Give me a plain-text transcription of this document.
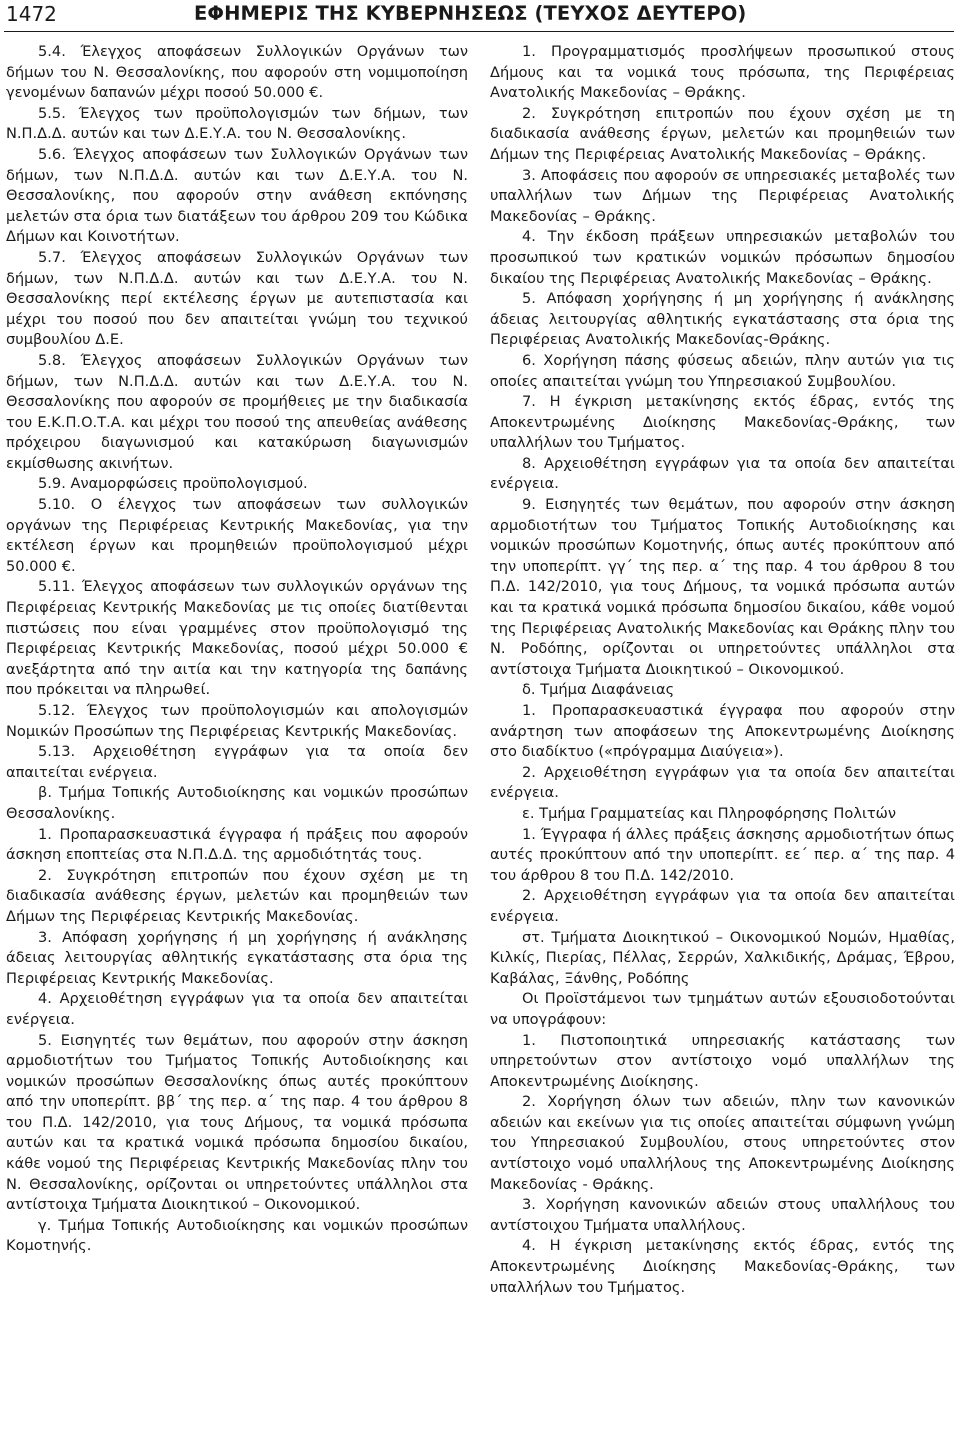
1472	ΕΦΗΜΕΡΙΣ ΤΗΣ ΚΥΒΕΡΝΗΣΕΩΣ (ΤΕΥΧΟΣ ΔΕΥΤΕΡΟ)

5.4. Έλεγχος αποφάσεων Συλλογικών Οργάνων των δήμων του Ν. Θεσσαλονίκης, που αφορούν στη νομιμοποίηση γενομένων δαπανών μέχρι ποσού 50.000 €.

5.5. Έλεγχος των προϋπολογισμών των δήμων, των Ν.Π.Δ.Δ. αυτών και των Δ.Ε.Υ.Α. του Ν. Θεσσαλονίκης.

5.6. Έλεγχος αποφάσεων των Συλλογικών Οργάνων των δήμων, των Ν.Π.Δ.Δ. αυτών και των Δ.Ε.Υ.Α. του Ν. Θεσσαλονίκης, που αφορούν στην ανάθεση εκπόνησης μελετών στα όρια των διατάξεων του άρθρου 209 του Κώδικα Δήμων και Κοινοτήτων.

5.7. Έλεγχος αποφάσεων Συλλογικών Οργάνων των δήμων, των Ν.Π.Δ.Δ. αυτών και των Δ.Ε.Υ.Α. του Ν. Θεσσαλονίκης περί εκτέλεσης έργων με αυτεπιστασία και μέχρι του ποσού που δεν απαιτείται γνώμη του τεχνικού συμβουλίου Δ.Ε.

5.8. Έλεγχος αποφάσεων Συλλογικών Οργάνων των δήμων, των Ν.Π.Δ.Δ. αυτών και των Δ.Ε.Υ.Α. του Ν. Θεσσαλονίκης που αφορούν σε προμήθειες με την διαδικασία του Ε.Κ.Π.Ο.Τ.Α. και μέχρι του ποσού της απευθείας ανάθεσης πρόχειρου διαγωνισμού και κατακύρωση διαγωνισμών εκμίσθωσης ακινήτων.

5.9. Αναμορφώσεις προϋπολογισμού.

5.10. Ο έλεγχος των αποφάσεων των συλλογικών οργάνων της Περιφέρειας Κεντρικής Μακεδονίας, για την εκτέλεση έργων και προμηθειών προϋπολογισμού μέχρι 50.000 €.

5.11. Έλεγχος αποφάσεων των συλλογικών οργάνων της Περιφέρειας Κεντρικής Μακεδονίας με τις οποίες διατίθενται πιστώσεις που είναι γραμμένες στον προϋπολογισμό της Περιφέρειας Κεντρικής Μακεδονίας, ποσού μέχρι 50.000 € ανεξάρτητα από την αιτία και την κατηγορία της δαπάνης που πρόκειται να πληρωθεί.

5.12. Έλεγχος των προϋπολογισμών και απολογισμών Νομικών Προσώπων της Περιφέρειας Κεντρικής Μακεδονίας.

5.13. Αρχειοθέτηση εγγράφων για τα οποία δεν απαιτείται ενέργεια.

β. Τμήμα Τοπικής Αυτοδιοίκησης και νομικών προσώπων Θεσσαλονίκης.

1. Προπαρασκευαστικά έγγραφα ή πράξεις που αφορούν άσκηση εποπτείας στα Ν.Π.Δ.Δ. της αρμοδιότητάς τους.

2. Συγκρότηση επιτροπών που έχουν σχέση με τη διαδικασία ανάθεσης έργων, μελετών και προμηθειών των Δήμων της Περιφέρειας Κεντρικής Μακεδονίας.

3. Απόφαση χορήγησης ή μη χορήγησης ή ανάκλησης άδειας λειτουργίας αθλητικής εγκατάστασης στα όρια της Περιφέρειας Κεντρικής Μακεδονίας.

4. Αρχειοθέτηση εγγράφων για τα οποία δεν απαιτείται ενέργεια.

5. Εισηγητές των θεμάτων, που αφορούν στην άσκηση αρμοδιοτήτων του Τμήματος Τοπικής Αυτοδιοίκησης και νομικών προσώπων Θεσσαλονίκης όπως αυτές προκύπτουν από την υποπερίπτ. ββ΄ της περ. α΄ της παρ. 4 του άρθρου 8 του Π.Δ. 142/2010, για τους Δήμους, τα νομικά πρόσωπα αυτών και τα κρατικά νομικά πρόσωπα δημοσίου δικαίου, κάθε νομού της Περιφέρειας Κεντρικής Μακεδονίας πλην του Ν. Θεσσαλονίκης, ορίζονται οι υπηρετούντες υπάλληλοι στα αντίστοιχα Τμήματα Διοικητικού – Οικονομικού.

γ. Τμήμα Τοπικής Αυτοδιοίκησης και νομικών προσώπων Κομοτηνής.

1. Προγραμματισμός προσλήψεων προσωπικού στους Δήμους και τα νομικά τους πρόσωπα, της Περιφέρειας Ανατολικής Μακεδονίας – Θράκης.

2. Συγκρότηση επιτροπών που έχουν σχέση με τη διαδικασία ανάθεσης έργων, μελετών και προμηθειών των Δήμων της Περιφέρειας Ανατολικής Μακεδονίας – Θράκης.

3. Αποφάσεις που αφορούν σε υπηρεσιακές μεταβολές των υπαλλήλων των Δήμων της Περιφέρειας Ανατολικής Μακεδονίας – Θράκης.

4. Την έκδοση πράξεων υπηρεσιακών μεταβολών του προσωπικού των κρατικών νομικών πρόσωπων δημοσίου δικαίου της Περιφέρειας Ανατολικής Μακεδονίας – Θράκης.

5. Απόφαση χορήγησης ή μη χορήγησης ή ανάκλησης άδειας λειτουργίας αθλητικής εγκατάστασης στα όρια της Περιφέρειας Ανατολικής Μακεδονίας-Θράκης.

6. Χορήγηση πάσης φύσεως αδειών, πλην αυτών για τις οποίες απαιτείται γνώμη του Υπηρεσιακού Συμβουλίου.

7. Η έγκριση μετακίνησης εκτός έδρας, εντός της Αποκεντρωμένης Διοίκησης Μακεδονίας-Θράκης, των υπαλλήλων του Τμήματος.

8. Αρχειοθέτηση εγγράφων για τα οποία δεν απαιτείται ενέργεια.

9. Εισηγητές των θεμάτων, που αφορούν στην άσκηση αρμοδιοτήτων του Τμήματος Τοπικής Αυτοδιοίκησης και νομικών προσώπων Κομοτηνής, όπως αυτές προκύπτουν από την υποπερίπτ. γγ΄ της περ. α΄ της παρ. 4 του άρθρου 8 του Π.Δ. 142/2010, για τους Δήμους, τα νομικά πρόσωπα αυτών και τα κρατικά νομικά πρόσωπα δημοσίου δικαίου, κάθε νομού της Περιφέρειας Ανατολικής Μακεδονίας και Θράκης πλην του Ν. Ροδόπης, ορίζονται οι υπηρετούντες υπάλληλοι στα αντίστοιχα Τμήματα Διοικητικού – Οικονομικού.

δ. Τμήμα Διαφάνειας

1. Προπαρασκευαστικά έγγραφα που αφορούν στην ανάρτηση των αποφάσεων της Αποκεντρωμένης Διοίκησης στο διαδίκτυο («πρόγραμμα Διαύγεια»).

2. Αρχειοθέτηση εγγράφων για τα οποία δεν απαιτείται ενέργεια.

ε. Τμήμα Γραμματείας και Πληροφόρησης Πολιτών

1. Έγγραφα ή άλλες πράξεις άσκησης αρμοδιοτήτων όπως αυτές προκύπτουν από την υποπερίπτ. εε΄ περ. α΄ της παρ. 4 του άρθρου 8 του Π.Δ. 142/2010.

2. Αρχειοθέτηση εγγράφων για τα οποία δεν απαιτείται ενέργεια.

στ. Τμήματα Διοικητικού – Οικονομικού Νομών, Ημαθίας, Κιλκίς, Πιερίας, Πέλλας, Σερρών, Χαλκιδικής, Δράμας, Έβρου, Καβάλας, Ξάνθης, Ροδόπης

Οι Προϊστάμενοι των τμημάτων αυτών εξουσιοδοτούνται να υπογράφουν:

1. Πιστοποιητικά υπηρεσιακής κατάστασης των υπηρετούντων στον αντίστοιχο νομό υπαλλήλων της Αποκεντρωμένης Διοίκησης.

2. Χορήγηση όλων των αδειών, πλην των κανονικών αδειών και εκείνων για τις οποίες απαιτείται σύμφωνη γνώμη του Υπηρεσιακού Συμβουλίου, στους υπηρετούντες στον αντίστοιχο νομό υπαλλήλους της Αποκεντρωμένης Διοίκησης Μακεδονίας - Θράκης.

3. Χορήγηση κανονικών αδειών στους υπαλλήλους του αντίστοιχου Τμήματα υπαλλήλους.

4. Η έγκριση μετακίνησης εκτός έδρας, εντός της Αποκεντρωμένης Διοίκησης Μακεδονίας-Θράκης, των υπαλλήλων του Τμήματος.
